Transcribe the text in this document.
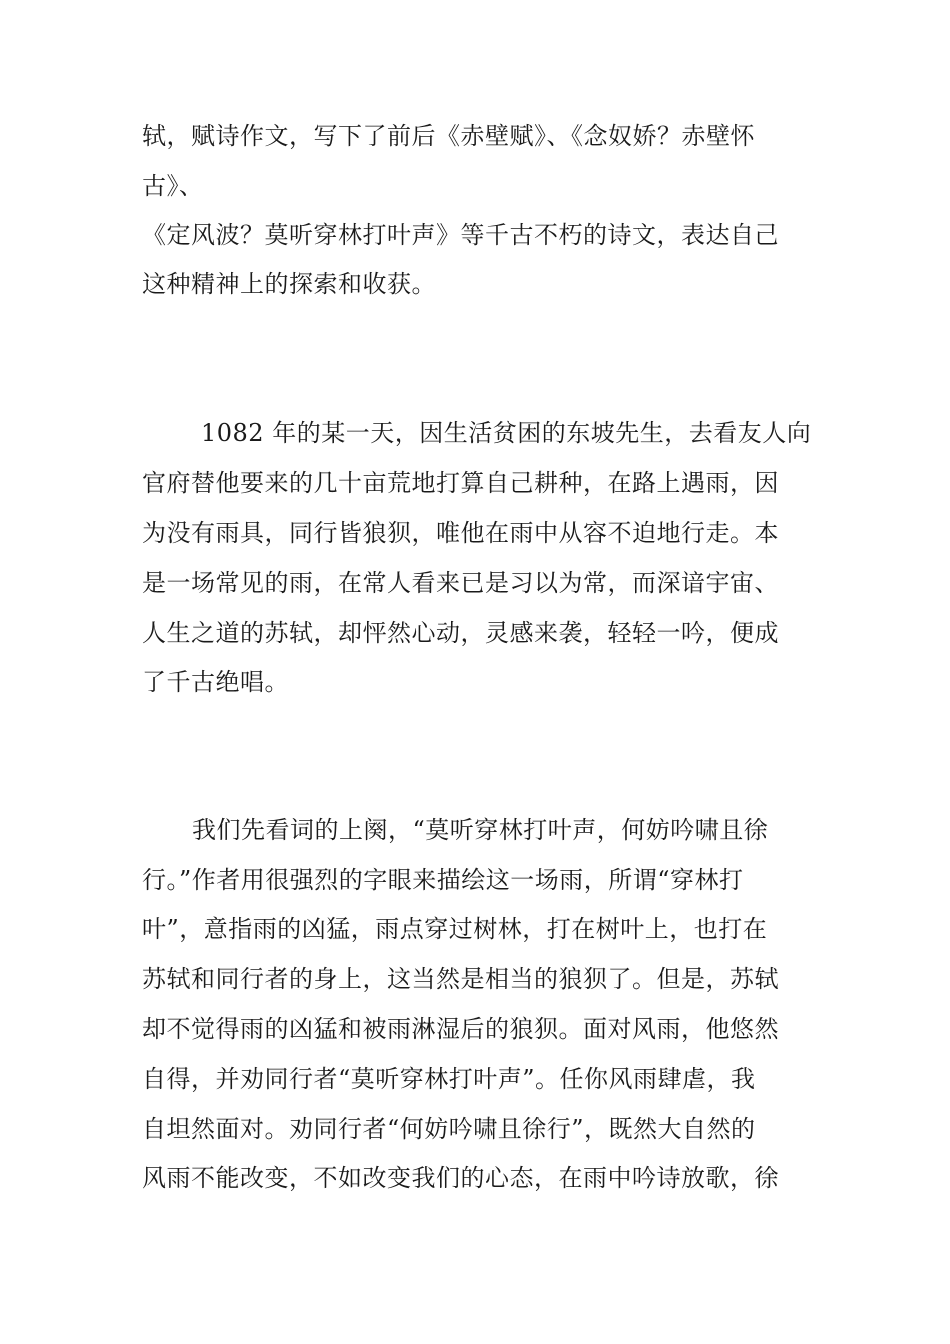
轼，赋诗作文，写下了前后《赤壁赋》、《念奴娇？赤壁怀
古》、
《定风波？莫听穿林打叶声》等千古不朽的诗文，表达自己
这种精神上的探索和收获。
1082 年的某一天，因生活贫困的东坡先生，去看友人向
官府替他要来的几十亩荒地打算自己耕种，在路上遇雨，因
为没有雨具，同行皆狼狈，唯他在雨中从容不迫地行走。本
是一场常见的雨，在常人看来已是习以为常，而深谙宇宙、
人生之道的苏轼，却怦然心动，灵感来袭，轻轻一吟，便成
了千古绝唱。
我们先看词的上阕，“莫听穿林打叶声，何妨吟啸且徐
行。”作者用很强烈的字眼来描绘这一场雨，所谓“穿林打
叶”，意指雨的凶猛，雨点穿过树林，打在树叶上，也打在
苏轼和同行者的身上，这当然是相当的狼狈了。但是，苏轼
却不觉得雨的凶猛和被雨淋湿后的狼狈。面对风雨，他悠然
自得，并劝同行者“莫听穿林打叶声”。任你风雨肆虐，我
自坦然面对。劝同行者“何妨吟啸且徐行”，既然大自然的
风雨不能改变，不如改变我们的心态，在雨中吟诗放歌，徐
